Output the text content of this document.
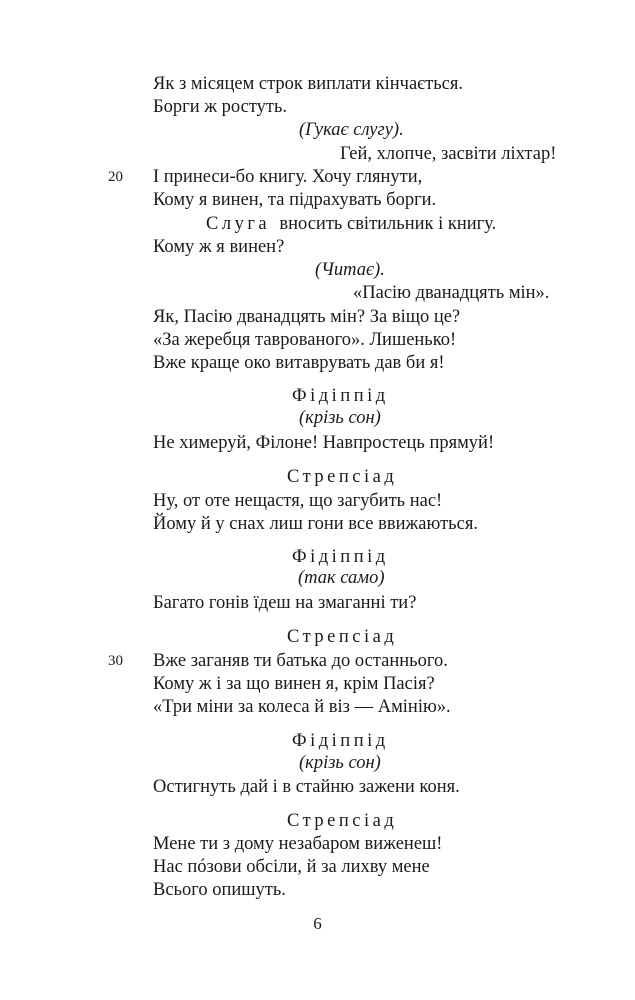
Як з місяцем строк виплати кінчається.
Борги ж ростуть.
(Гукає слугу).
Гей, хлопче, засвіти ліхтар!
20 І принеси-бо книгу. Хочу глянути,
Кому я винен, та підрахувать борги.
Слуга вносить світильник і книгу.
Кому ж я винен?
(Читає).
«Пасію дванадцять мін».
Як, Пасію дванадцять мін? За віщо це?
«За жеребця таврованого». Лишенько!
Вже краще око витаврувать дав би я!
Фідіппід
(крізь сон)
Не химеруй, Філоне! Навпростець прямуй!
Стрепсіад
Ну, от оте нещастя, що загубить нас!
Йому й у снах лиш гони все ввижаються.
Фідіппід
(так само)
Багато гонів їдеш на змаганні ти?
Стрепсіад
30 Вже заганяв ти батька до останнього.
Кому ж і за що винен я, крім Пасія?
«Три міни за колеса й віз — Амінію».
Фідіппід
(крізь сон)
Остигнуть дай і в стайню зажени коня.
Стрепсіад
Мене ти з дому незабаром виженеш!
Нас пóзови обсіли, й за лихву мене
Всього опишуть.
6
